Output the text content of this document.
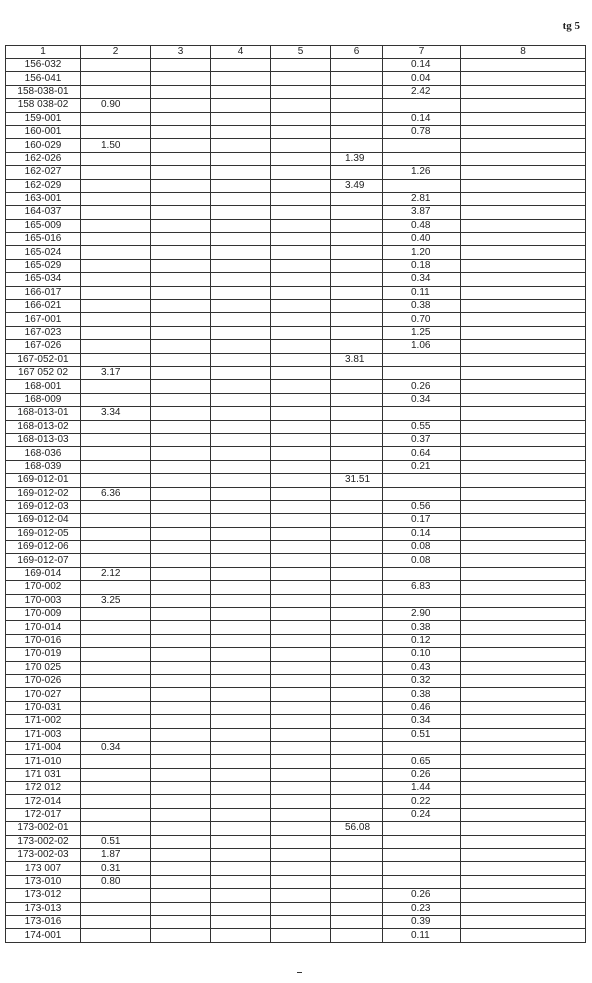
tg 5
1	2	3	4	5	6	7	8
156-032						0.14	
156-041						0.04	
158-038-01						2.42	
158 038-02	0.90						
159-001						0.14	
160-001						0.78	
160-029	1.50						
162-026					1.39		
162-027						1.26	
162-029					3.49		
163-001						2.81	
164-037						3.87	
165-009						0.48	
165-016						0.40	
165-024						1.20	
165-029						0.18	
165-034						0.34	
166-017						0.11	
166-021						0.38	
167-001						0.70	
167-023						1.25	
167-026						1.06	
167-052-01					3.81		
167 052 02	3.17						
168-001						0.26	
168-009						0.34	
168-013-01	3.34						
168-013-02						0.55	
168-013-03						0.37	
168-036						0.64	
168-039						0.21	
169-012-01					31.51		
169-012-02	6.36						
169-012-03						0.56	
169-012-04						0.17	
169-012-05						0.14	
169-012-06						0.08	
169-012-07						0.08	
169-014	2.12						
170-002						6.83	
170-003	3.25						
170-009						2.90	
170-014						0.38	
170-016						0.12	
170-019						0.10	
170 025						0.43	
170-026						0.32	
170-027						0.38	
170-031						0.46	
171-002						0.34	
171-003						0.51	
171-004	0.34						
171-010						0.65	
171 031						0.26	
172 012						1.44	
172-014						0.22	
172-017						0.24	
173-002-01					56.08		
173-002-02	0.51						
173-002-03	1.87						
173 007	0.31						
173-010	0.80						
173-012						0.26	
173-013						0.23	
173-016						0.39	
174-001						0.11	
